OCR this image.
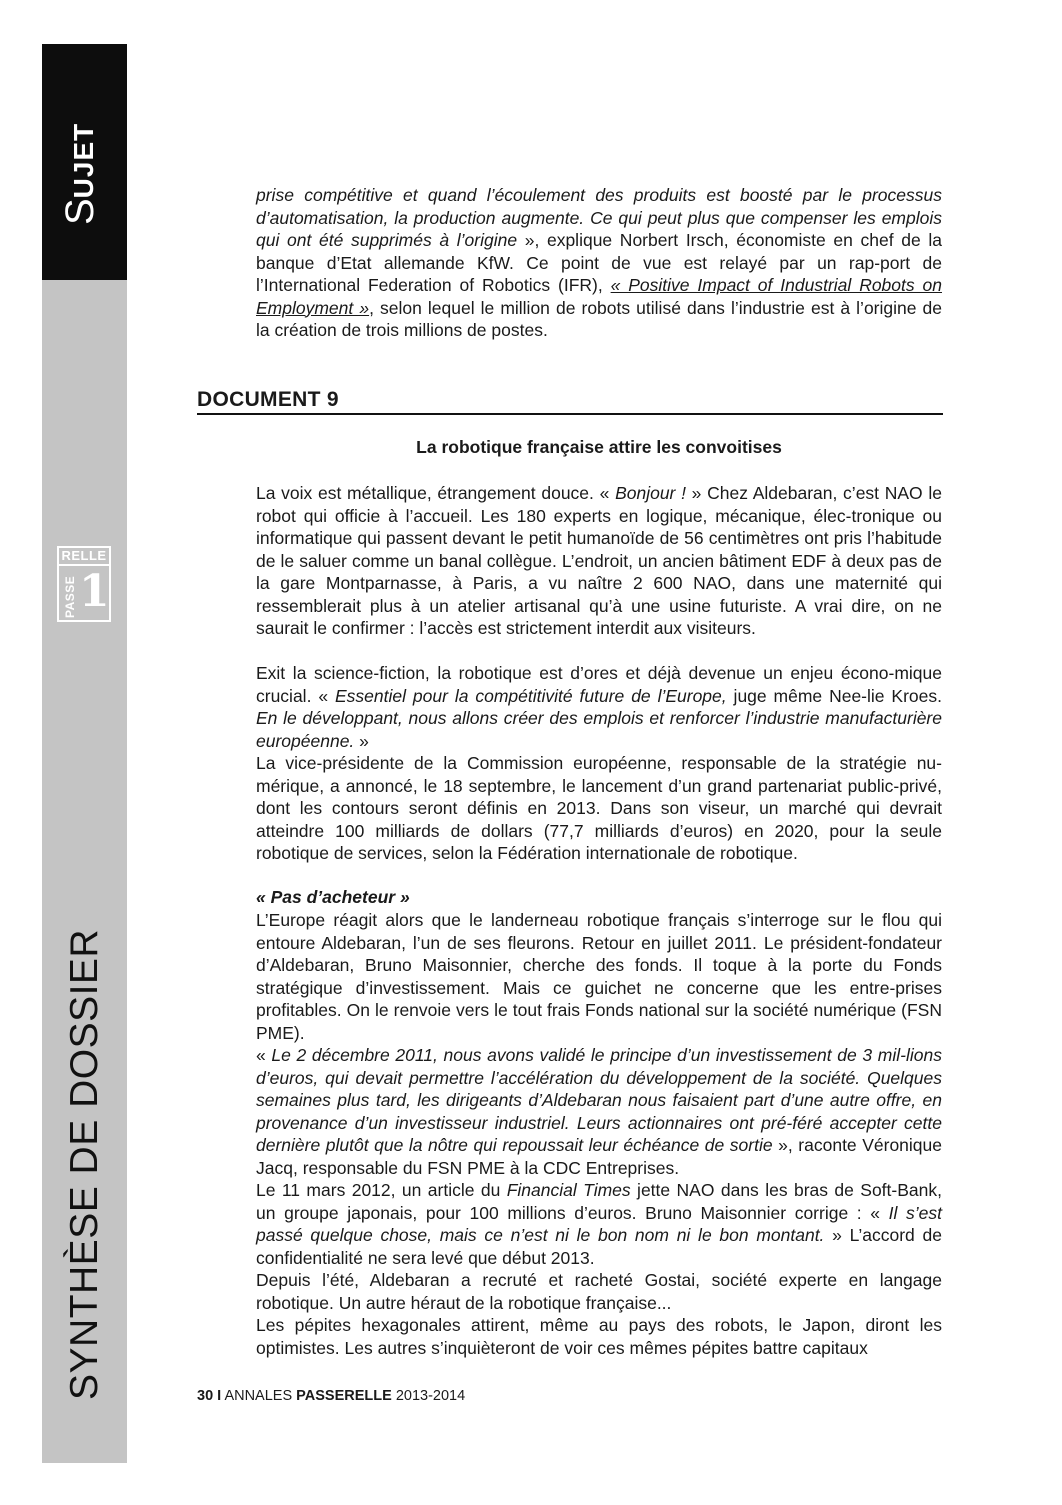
SUJET
RELLE
PASSE 1
SYNTHÈSE DE DOSSIER

prise compétitive et quand l’écoulement des produits est boosté par le processus d’automatisation, la production augmente. Ce qui peut plus que compenser les emplois qui ont été supprimés à l’origine », explique Norbert Irsch, économiste en chef de la banque d’Etat allemande KfW. Ce point de vue est relayé par un rap-port de l’International Federation of Robotics (IFR), « Positive Impact of Industrial Robots on Employment », selon lequel le million de robots utilisé dans l’industrie est à l’origine de la création de trois millions de postes.

DOCUMENT 9

La robotique française attire les convoitises

La voix est métallique, étrangement douce. « Bonjour ! » Chez Aldebaran, c’est NAO le robot qui officie à l’accueil. Les 180 experts en logique, mécanique, élec-tronique ou informatique qui passent devant le petit humanoïde de 56 centimètres ont pris l’habitude de le saluer comme un banal collègue. L’endroit, un ancien bâtiment EDF à deux pas de la gare Montparnasse, à Paris, a vu naître 2 600 NAO, dans une maternité qui ressemblerait plus à un atelier artisanal qu’à une usine futuriste. A vrai dire, on ne saurait le confirmer : l’accès est strictement interdit aux visiteurs.

Exit la science-fiction, la robotique est d’ores et déjà devenue un enjeu écono-mique crucial. « Essentiel pour la compétitivité future de l’Europe, juge même Nee-lie Kroes. En le développant, nous allons créer des emplois et renforcer l’industrie manufacturière européenne. »

La vice-présidente de la Commission européenne, responsable de la stratégie nu-mérique, a annoncé, le 18 septembre, le lancement d’un grand partenariat public-privé, dont les contours seront définis en 2013. Dans son viseur, un marché qui devrait atteindre 100 milliards de dollars (77,7 milliards d’euros) en 2020, pour la seule robotique de services, selon la Fédération internationale de robotique.

« Pas d’acheteur »

L’Europe réagit alors que le landerneau robotique français s’interroge sur le flou qui entoure Aldebaran, l’un de ses fleurons. Retour en juillet 2011. Le président-fondateur d’Aldebaran, Bruno Maisonnier, cherche des fonds. Il toque à la porte du Fonds stratégique d’investissement. Mais ce guichet ne concerne que les entre-prises profitables. On le renvoie vers le tout frais Fonds national sur la société numérique (FSN PME).

« Le 2 décembre 2011, nous avons validé le principe d’un investissement de 3 mil-lions d’euros, qui devait permettre l’accélération du développement de la société. Quelques semaines plus tard, les dirigeants d’Aldebaran nous faisaient part d’une autre offre, en provenance d’un investisseur industriel. Leurs actionnaires ont pré-féré accepter cette dernière plutôt que la nôtre qui repoussait leur échéance de sortie », raconte Véronique Jacq, responsable du FSN PME à la CDC Entreprises.

Le 11 mars 2012, un article du Financial Times jette NAO dans les bras de Soft-Bank, un groupe japonais, pour 100 millions d’euros. Bruno Maisonnier corrige : « Il s’est passé quelque chose, mais ce n’est ni le bon nom ni le bon montant. » L’accord de confidentialité ne sera levé que début 2013.

Depuis l’été, Aldebaran a recruté et racheté Gostai, société experte en langage robotique. Un autre héraut de la robotique française...

Les pépites hexagonales attirent, même au pays des robots, le Japon, diront les optimistes. Les autres s’inquièteront de voir ces mêmes pépites battre capitaux

30 I ANNALES PASSERELLE 2013-2014
